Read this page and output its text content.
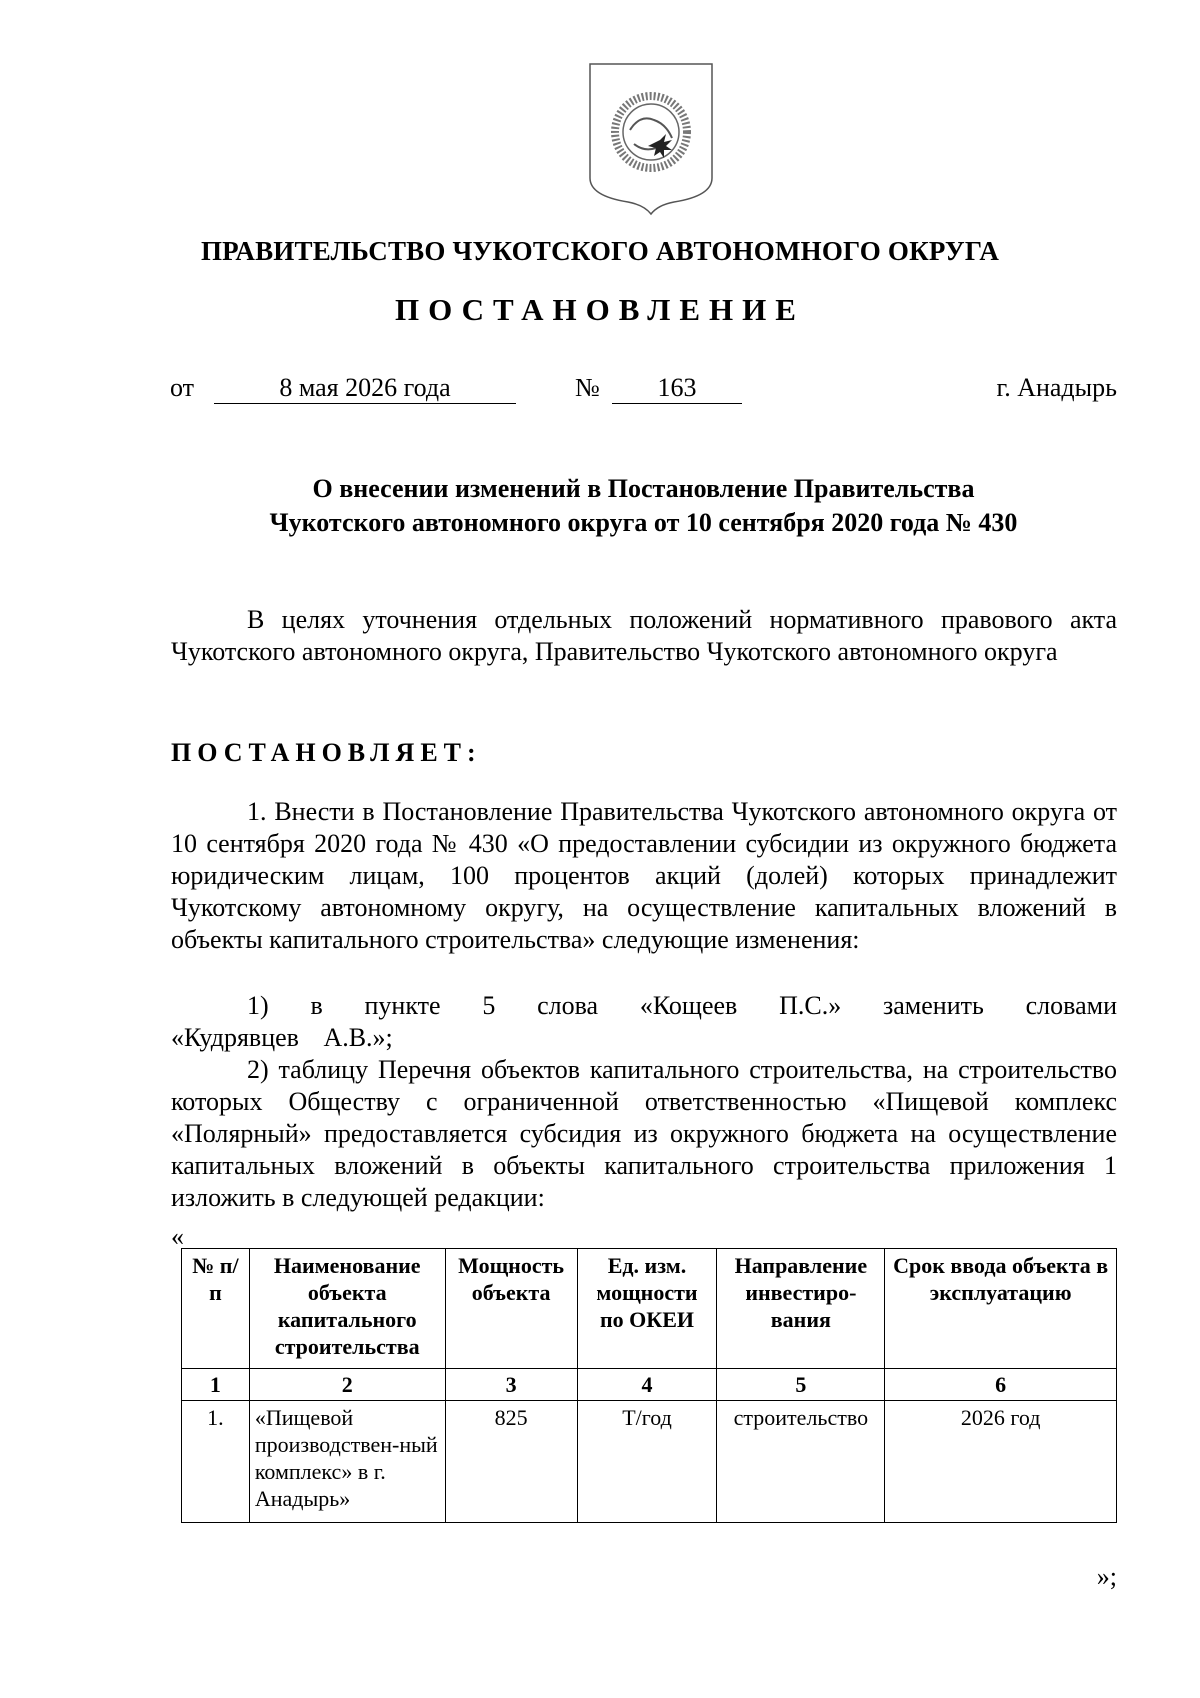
ПРАВИТЕЛЬСТВО ЧУКОТСКОГО АВТОНОМНОГО ОКРУГА
ПОСТАНОВЛЕНИЕ
от	8 мая 2026 года	№	163	г. Анадырь
О внесении изменений в Постановление Правительства
Чукотского автономного округа от 10 сентября 2020 года № 430
В целях уточнения отдельных положений нормативного правового акта Чукотского автономного округа, Правительство Чукотского автономного округа
ПОСТАНОВЛЯЕТ:
1. Внести в Постановление Правительства Чукотского автономного округа от 10 сентября 2020 года № 430 «О предоставлении субсидии из окружного бюджета юридическим лицам, 100 процентов акций (долей) которых принадлежит Чукотскому автономному округу, на осуществление капитальных вложений в объекты капитального строительства» следующие изменения:
1) в пункте 5 слова «Кощеев П.С.» заменить словами «Кудрявцев А.В.»;
2) таблицу Перечня объектов капитального строительства, на строительство которых Обществу с ограниченной ответственностью «Пищевой комплекс «Полярный» предоставляется субсидия из окружного бюджета на осуществление капитальных вложений в объекты капитального строительства приложения 1 изложить в следующей редакции:
«
№ п/п	Наименование объекта капитального строительства	Мощность объекта	Ед. изм. мощности по ОКЕИ	Направление инвестиро-вания	Срок ввода объекта в эксплуатацию
1	2	3	4	5	6
1.	«Пищевой производствен-ный комплекс» в г. Анадырь»	825	Т/год	строительство	2026 год
»;
